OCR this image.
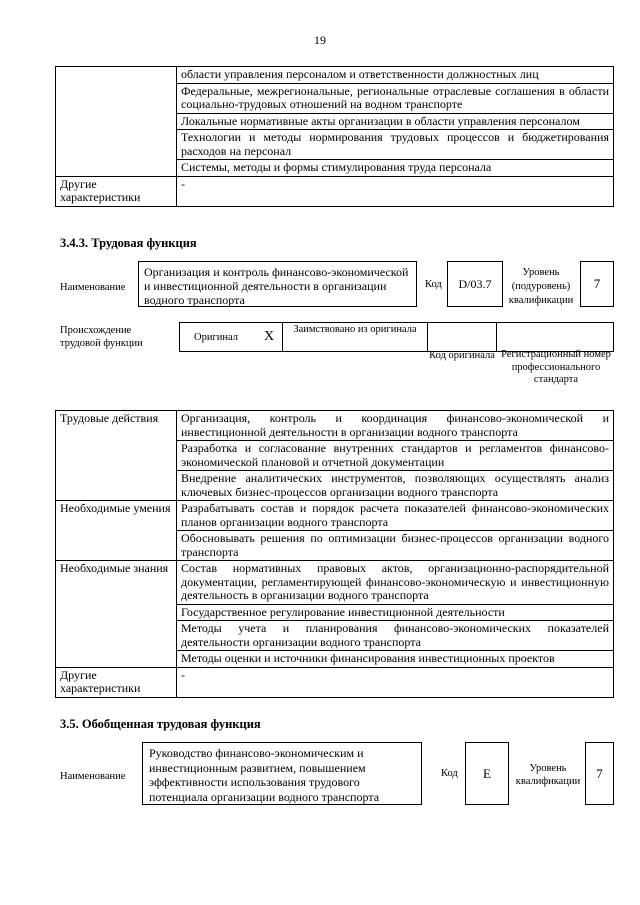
19
	области управления персоналом и ответственности должностных лиц
	Федеральные, межрегиональные, региональные отраслевые соглашения в области социально-трудовых отношений на водном транспорте
	Локальные нормативные акты организации в области управления персоналом
	Технологии и методы нормирования трудовых процессов и бюджетирования расходов на персонал
	Системы, методы и формы стимулирования труда персонала
Другие характеристики	-
3.4.3. Трудовая функция
Наименование
Организация и контроль финансово-экономической и инвестиционной деятельности в организации водного транспорта
Код	D/03.7
Уровень (подуровень) квалификации
7
Происхождение трудовой функции
Оригинал X	Заимствовано из оригинала
Код оригинала Регистрационный номер профессионального стандарта
Трудовые действия	Организация, контроль и координация финансово-экономической и инвестиционной деятельности в организации водного транспорта
	Разработка и согласование внутренних стандартов и регламентов финансово-экономической плановой и отчетной документации
	Внедрение аналитических инструментов, позволяющих осуществлять анализ ключевых бизнес-процессов организации водного транспорта
Необходимые умения	Разрабатывать состав и порядок расчета показателей финансово-экономических планов организации водного транспорта
	Обосновывать решения по оптимизации бизнес-процессов организации водного транспорта
Необходимые знания	Состав нормативных правовых актов, организационно-распорядительной документации, регламентирующей финансово-экономическую и инвестиционную деятельность в организации водного транспорта
	Государственное регулирование инвестиционной деятельности
	Методы учета и планирования финансово-экономических показателей деятельности организации водного транспорта
	Методы оценки и источники финансирования инвестиционных проектов
Другие характеристики	-
3.5. Обобщенная трудовая функция
Наименование
Руководство финансово-экономическим и инвестиционным развитием, повышением эффективности использования трудового потенциала организации водного транспорта
Код	E	Уровень квалификации
7
